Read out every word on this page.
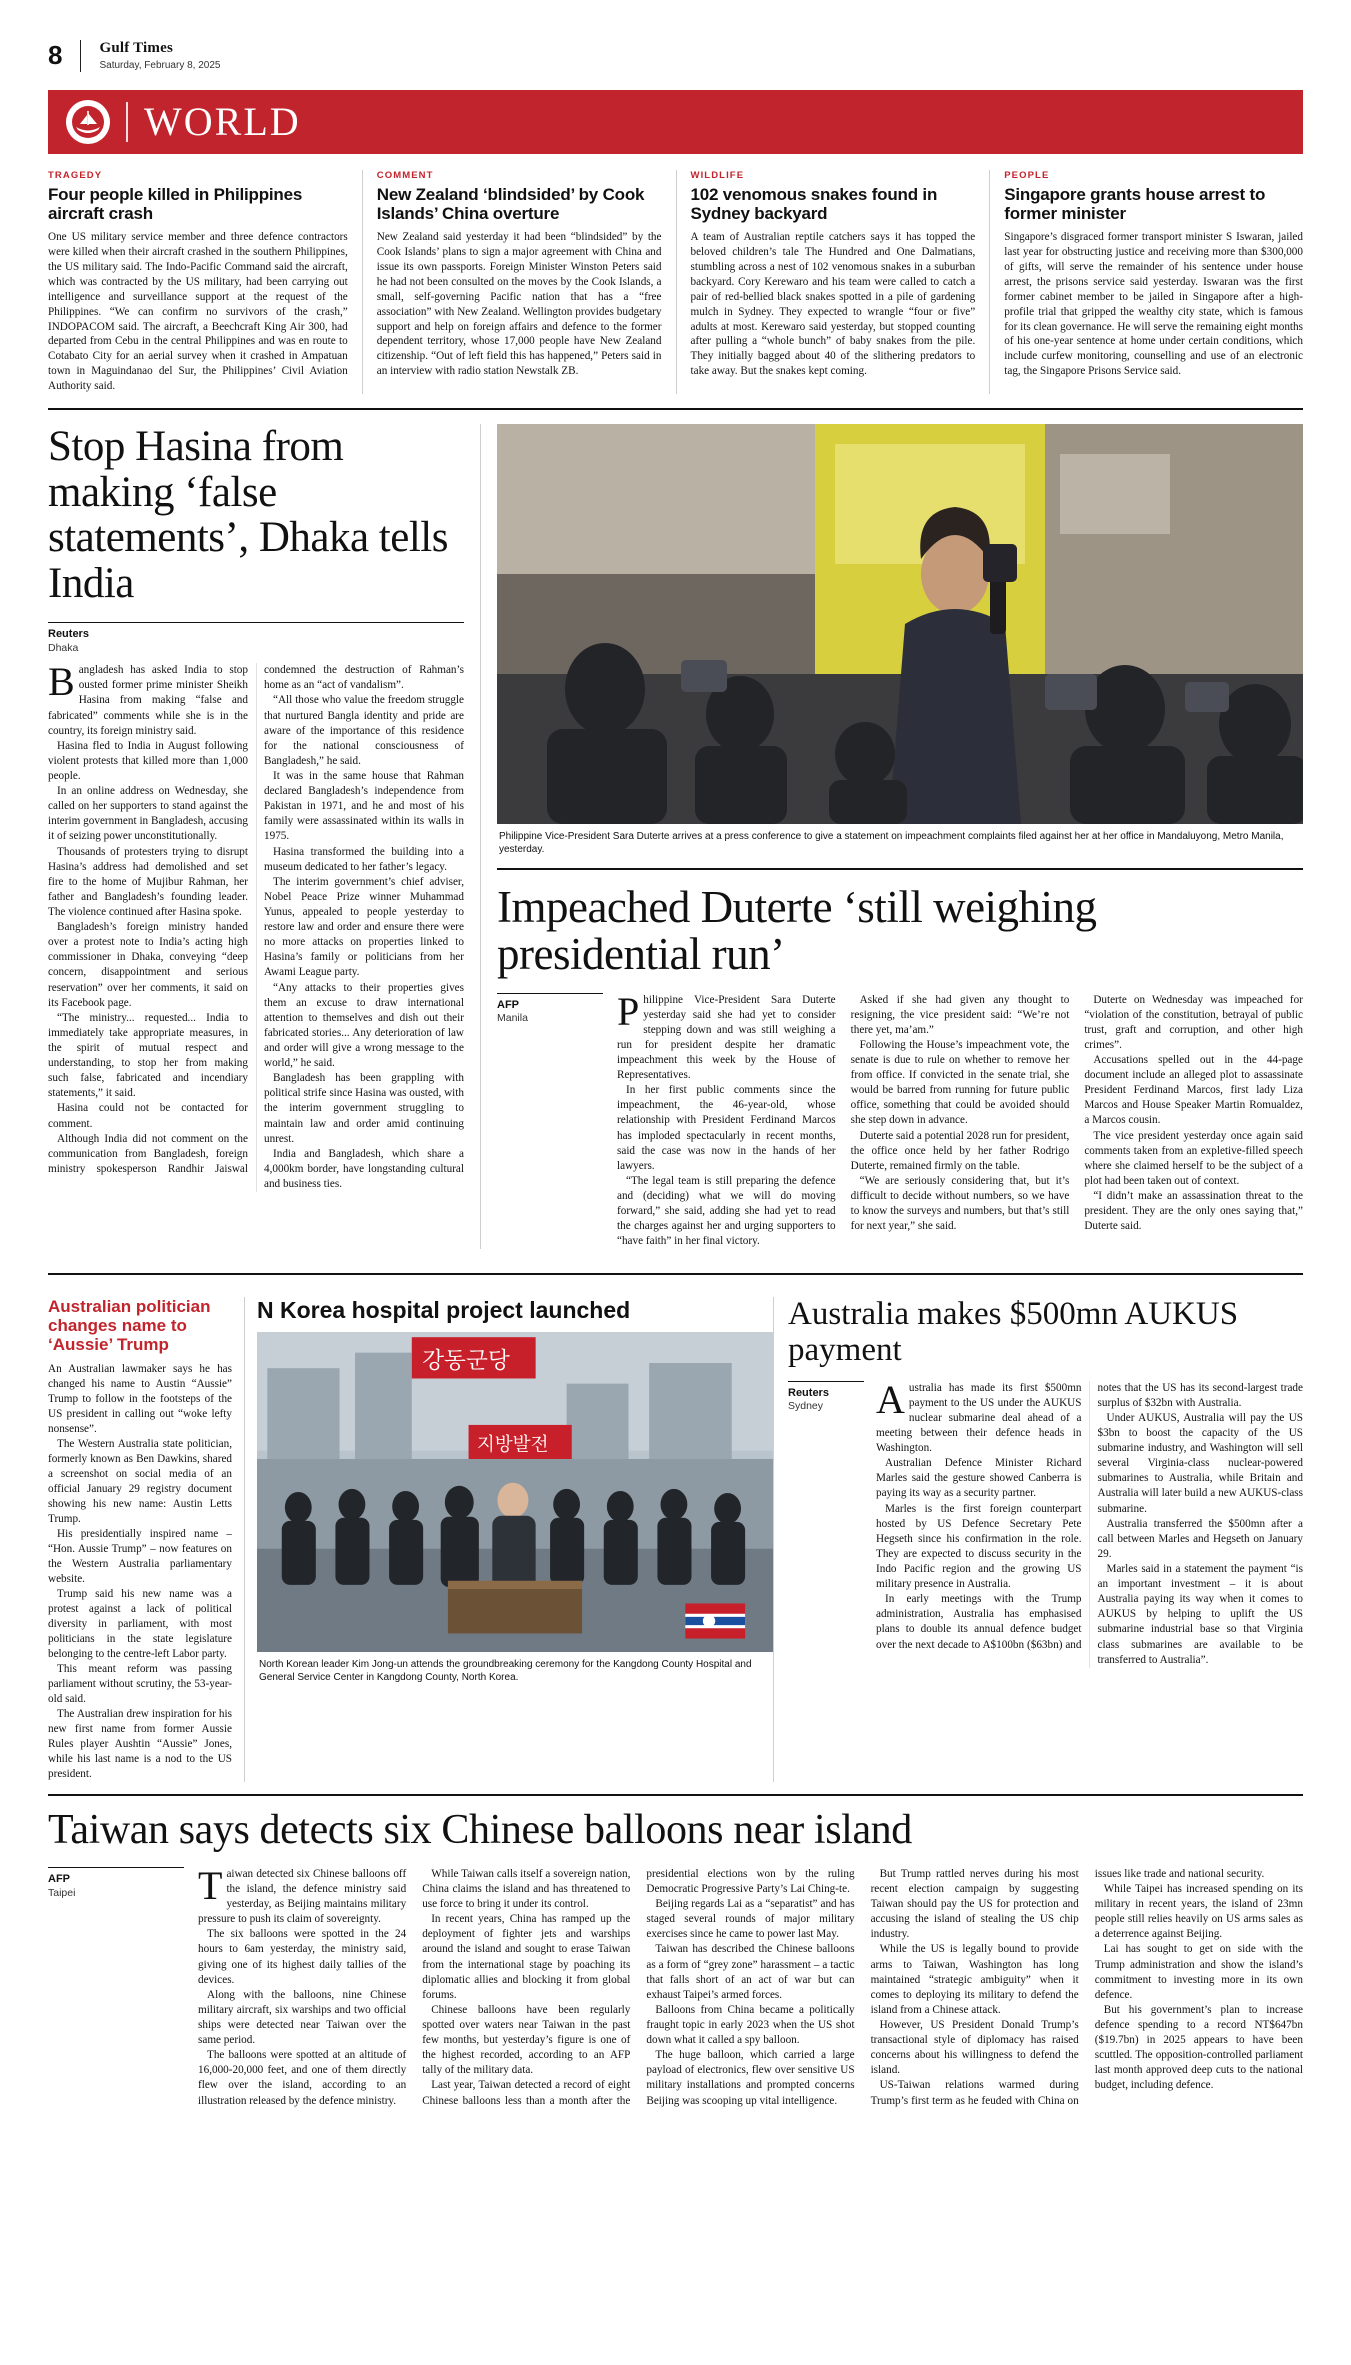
8 Gulf Times
Saturday, February 8, 2025
WORLD
TRAGEDY
Four people killed in Philippines aircraft crash
One US military service member and three defence contractors were killed when their aircraft crashed in the southern Philippines, the US military said. The Indo-Pacific Command said the aircraft, which was contracted by the US military, had been carrying out intelligence and surveillance support at the request of the Philippines. “We can confirm no survivors of the crash,” INDOPACOM said. The aircraft, a Beechcraft King Air 300, had departed from Cebu in the central Philippines and was en route to Cotabato City for an aerial survey when it crashed in Ampatuan town in Maguindanao del Sur, the Philippines’ Civil Aviation Authority said.
COMMENT
New Zealand ‘blindsided’ by Cook Islands’ China overture
New Zealand said yesterday it had been “blindsided” by the Cook Islands’ plans to sign a major agreement with China and issue its own passports. Foreign Minister Winston Peters said he had not been consulted on the moves by the Cook Islands, a small, self-governing Pacific nation that has a “free association” with New Zealand. Wellington provides budgetary support and help on foreign affairs and defence to the former dependent territory, whose 17,000 people have New Zealand citizenship. “Out of left field this has happened,” Peters said in an interview with radio station Newstalk ZB.
WILDLIFE
102 venomous snakes found in Sydney backyard
A team of Australian reptile catchers says it has topped the beloved children’s tale The Hundred and One Dalmatians, stumbling across a nest of 102 venomous snakes in a suburban backyard. Cory Kerewaro and his team were called to catch a pair of red-bellied black snakes spotted in a pile of gardening mulch in Sydney. They expected to wrangle “four or five” adults at most. Kerewaro said yesterday, but stopped counting after pulling a “whole bunch” of baby snakes from the pile. They initially bagged about 40 of the slithering predators to take away. But the snakes kept coming.
PEOPLE
Singapore grants house arrest to former minister
Singapore’s disgraced former transport minister S Iswaran, jailed last year for obstructing justice and receiving more than $300,000 of gifts, will serve the remainder of his sentence under house arrest, the prisons service said yesterday. Iswaran was the first former cabinet member to be jailed in Singapore after a high-profile trial that gripped the wealthy city state, which is famous for its clean governance. He will serve the remaining eight months of his one-year sentence at home under certain conditions, which include curfew monitoring, counselling and use of an electronic tag, the Singapore Prisons Service said.
Stop Hasina from making ‘false statements’, Dhaka tells India
Reuters
Dhaka

Bangladesh has asked India to stop ousted former prime minister Sheikh Hasina from making “false and fabricated” comments while she is in the country, its foreign ministry said.

Hasina fled to India in August following violent protests that killed more than 1,000 people.

In an online address on Wednesday, she called on her supporters to stand against the interim government in Bangladesh, accusing it of seizing power unconstitutionally.

Thousands of protesters trying to disrupt Hasina’s address had demolished and set fire to the home of Mujibur Rahman, her father and Bangladesh’s founding leader. The violence continued after Hasina spoke.

Bangladesh’s foreign ministry handed over a protest note to India’s acting high commissioner in Dhaka, conveying “deep concern, disappointment and serious reservation” over her comments, it said on its Facebook page.

“The ministry... requested... India to immediately take appropriate measures, in the spirit of mutual respect and understanding, to stop her from making such false, fabricated and incendiary statements,” it said.

Hasina could not be contacted for comment.

Although India did not comment on the communication from Bangladesh, foreign ministry spokesperson Randhir Jaiswal condemned the destruction of Rahman’s home as an “act of vandalism”.

“All those who value the freedom struggle that nurtured Bangla identity and pride are aware of the importance of this residence for the national consciousness of Bangladesh,” he said.

It was in the same house that Rahman declared Bangladesh’s independence from Pakistan in 1971, and he and most of his family were assassinated within its walls in 1975.

Hasina transformed the building into a museum dedicated to her father’s legacy.

The interim government’s chief adviser, Nobel Peace Prize winner Muhammad Yunus, appealed to people yesterday to restore law and order and ensure there were no more attacks on properties linked to Hasina’s family or politicians from her Awami League party.

“Any attacks to their properties gives them an excuse to draw international attention to themselves and dish out their fabricated stories... Any deterioration of law and order will give a wrong message to the world,” he said.

Bangladesh has been grappling with political strife since Hasina was ousted, with the interim government struggling to maintain law and order amid continuing unrest.

India and Bangladesh, which share a 4,000km border, have longstanding cultural and business ties.

Philippine Vice-President Sara Duterte arrives at a press conference to give a statement on impeachment complaints filed against her at her office in Mandaluyong, Metro Manila, yesterday.
Impeached Duterte ‘still weighing presidential run’
AFP
Manila	Philippine Vice-President Sara Duterte yesterday said she had yet to consider stepping down and was still weighing a run for president despite her dramatic impeachment this week by the House of Representatives.

In her first public comments since the impeachment, the 46-year-old, whose relationship with President Ferdinand Marcos has imploded spectacularly in recent months, said the case was now in the hands of her lawyers.

“The legal team is still preparing the defence and (deciding) what we will do moving forward,” she said, adding she had yet to read the charges against her and urging supporters to “have faith” in her final victory.

Asked if she had given any thought to resigning, the vice president said: “We’re not there yet, ma’am.”

Following the House’s impeachment vote, the senate is due to rule on whether to remove her from office. If convicted in the senate trial, she would be barred from running for future public office, something that could be avoided should she step down in advance.

Duterte said a potential 2028 run for president, the office once held by her father Rodrigo Duterte, remained firmly on the table.

“We are seriously considering that, but it’s difficult to decide without numbers, so we have to know the surveys and numbers, but that’s still for next year,” she said.

Duterte on Wednesday was impeached for “violation of the constitution, betrayal of public trust, graft and corruption, and other high crimes”.

Accusations spelled out in the 44-page document include an alleged plot to assassinate President Ferdinand Marcos, first lady Liza Marcos and House Speaker Martin Romualdez, a Marcos cousin.

The vice president yesterday once again said comments taken from an expletive-filled speech where she claimed herself to be the subject of a plot had been taken out of context.

“I didn’t make an assassination threat to the president. They are the only ones saying that,” Duterte said.

Australian politician changes name to ‘Aussie’ Trump

An Australian lawmaker says he has changed his name to Austin “Aussie” Trump to follow in the footsteps of the US president in calling out “woke lefty nonsense”.

The Western Australia state politician, formerly known as Ben Dawkins, shared a screenshot on social media of an official January 29 registry document showing his new name: Austin Letts Trump.

His presidentially inspired name – “Hon. Aussie Trump” – now features on the Western Australia parliamentary website.

Trump said his new name was a protest against a lack of political diversity in parliament, with most politicians in the state legislature belonging to the centre-left Labor party.

This meant reform was passing parliament without scrutiny, the 53-year-old said.

The Australian drew inspiration for his new first name from former Aussie Rules player Aushtin “Aussie” Jones, while his last name is a nod to the US president.

N Korea hospital project launched
강동군당
지방발전
North Korean leader Kim Jong-un attends the groundbreaking ceremony for the Kangdong County Hospital and General Service Center in Kangdong County, North Korea.
Australia makes $500mn AUKUS payment
Reuters
Sydney	Australia has made its first $500mn payment to the US under the AUKUS nuclear submarine deal ahead of a meeting between their defence heads in Washington.

Australian Defence Minister Richard Marles said the gesture showed Canberra is paying its way as a security partner.

Marles is the first foreign counterpart hosted by US Defence Secretary Pete Hegseth since his confirmation in the role. They are expected to discuss security in the Indo Pacific region and the growing US military presence in Australia.

In early meetings with the Trump administration, Australia has emphasised plans to double its annual defence budget over the next decade to A$100bn ($63bn) and notes that the US has its second-largest trade surplus of $32bn with Australia.

Under AUKUS, Australia will pay the US $3bn to boost the capacity of the US submarine industry, and Washington will sell several Virginia-class nuclear-powered submarines to Australia, while Britain and Australia will later build a new AUKUS-class submarine.

Australia transferred the $500mn after a call between Marles and Hegseth on January 29.

Marles said in a statement the payment “is an important investment – it is about Australia paying its way when it comes to AUKUS by helping to uplift the US submarine industrial base so that Virginia class submarines are available to be transferred to Australia”.

Taiwan says detects six Chinese balloons near island
AFP
Taipei	Taiwan detected six Chinese balloons off the island, the defence ministry said yesterday, as Beijing maintains military pressure to push its claim of sovereignty.

The six balloons were spotted in the 24 hours to 6am yesterday, the ministry said, giving one of its highest daily tallies of the devices.

Along with the balloons, nine Chinese military aircraft, six warships and two official ships were detected near Taiwan over the same period.

The balloons were spotted at an altitude of 16,000-20,000 feet, and one of them directly flew over the island, according to an illustration released by the defence ministry.

While Taiwan calls itself a sovereign nation, China claims the island and has threatened to use force to bring it under its control.

In recent years, China has ramped up the deployment of fighter jets and warships around the island and sought to erase Taiwan from the international stage by poaching its diplomatic allies and blocking it from global forums.

Chinese balloons have been regularly spotted over waters near Taiwan in the past few months, but yesterday’s figure is one of the highest recorded, according to an AFP tally of the military data.

Last year, Taiwan detected a record of eight Chinese balloons less than a month after the presidential elections won by the ruling Democratic Progressive Party’s Lai Ching-te.

Beijing regards Lai as a “separatist” and has staged several rounds of major military exercises since he came to power last May.

Taiwan has described the Chinese balloons as a form of “grey zone” harassment – a tactic that falls short of an act of war but can exhaust Taipei’s armed forces.

Balloons from China became a politically fraught topic in early 2023 when the US shot down what it called a spy balloon.

The huge balloon, which carried a large payload of electronics, flew over sensitive US military installations and prompted concerns Beijing was scooping up vital intelligence.

But Trump rattled nerves during his most recent election campaign by suggesting Taiwan should pay the US for protection and accusing the island of stealing the US chip industry.

While the US is legally bound to provide arms to Taiwan, Washington has long maintained “strategic ambiguity” when it comes to deploying its military to defend the island from a Chinese attack.

However, US President Donald Trump’s transactional style of diplomacy has raised concerns about his willingness to defend the island.

US-Taiwan relations warmed during Trump’s first term as he feuded with China on issues like trade and national security.

While Taipei has increased spending on its military in recent years, the island of 23mn people still relies heavily on US arms sales as a deterrence against Beijing.

Lai has sought to get on side with the Trump administration and show the island’s commitment to investing more in its own defence.

But his government’s plan to increase defence spending to a record NT$647bn ($19.7bn) in 2025 appears to have been scuttled. The opposition-controlled parliament last month approved deep cuts to the national budget, including defence.
